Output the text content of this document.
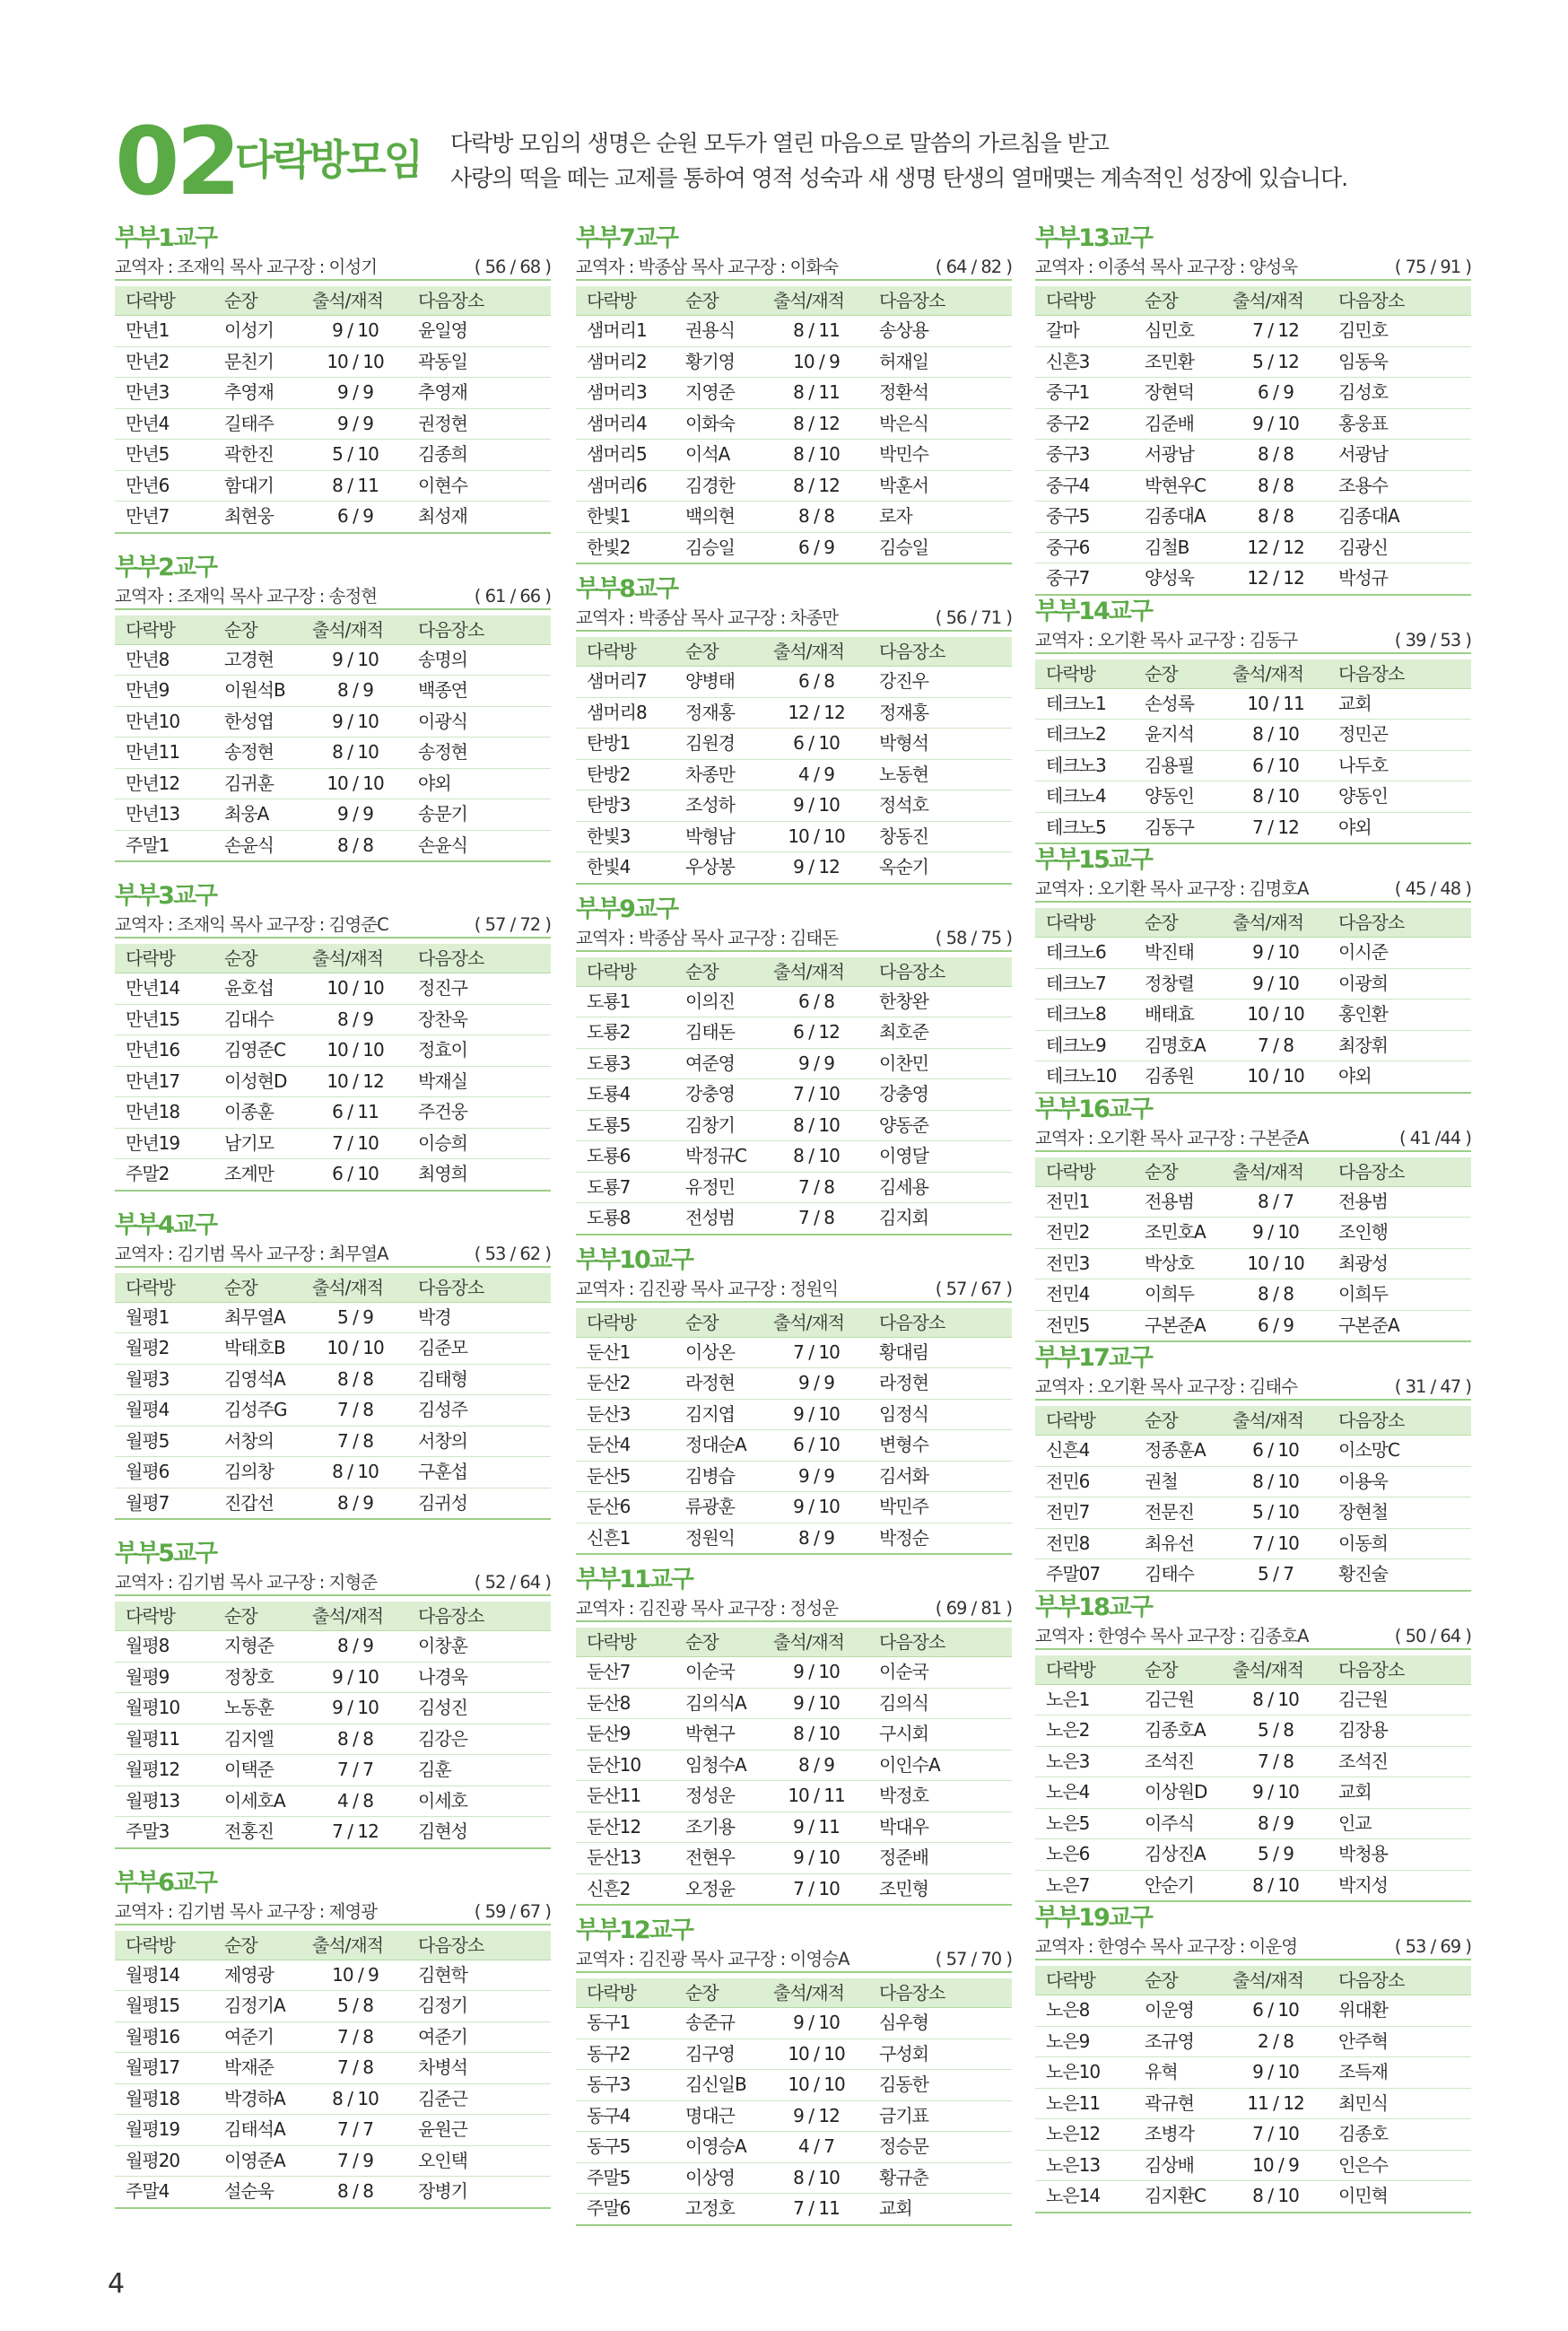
02
다락방모임 다락방 모임의 생명은 순원 모두가 열린 마음으로 말씀의 가르침을 받고
사랑의 떡을 떼는 교제를 통하여 영적 성숙과 새 생명 탄생의 열매맺는 계속적인 성장에 있습니다.
부부1교구
교역자 : 조재익 목사 교구장 : 이성기	( 56 / 68 )
다락방	순장	출석/재적	다음장소
만년1	이성기	9 / 10	윤일영
만년2	문친기	10 / 10	곽동일
만년3	추영재	9 / 9	추영재
만년4	길태주	9 / 9	권정현
만년5	곽한진	5 / 10	김종희
만년6	함대기	8 / 11	이현수
만년7	최현웅	6 / 9	최성재
부부2교구
교역자 : 조재익 목사 교구장 : 송정현	( 61 / 66 )
다락방	순장	출석/재적	다음장소
만년8	고경현	9 / 10	송명의
만년9	이원석B	8 / 9	백종연
만년10	한성엽	9 / 10	이광식
만년11	송정현	8 / 10	송정현
만년12	김귀훈	10 / 10	야외
만년13	최웅A	9 / 9	송문기
주말1	손윤식	8 / 8	손윤식
부부3교구
교역자 : 조재익 목사 교구장 : 김영준C	( 57 / 72 )
다락방	순장	출석/재적	다음장소
만년14	윤호섭	10 / 10	정진구
만년15	김대수	8 / 9	장찬욱
만년16	김영준C	10 / 10	정효이
만년17	이성현D	10 / 12	박재실
만년18	이종훈	6 / 11	주건웅
만년19	남기모	7 / 10	이승희
주말2	조계만	6 / 10	최영희
부부4교구
교역자 : 김기범 목사 교구장 : 최무열A	( 53 / 62 )
다락방	순장	출석/재적	다음장소
월평1	최무열A	5 / 9	박경
월평2	박태호B	10 / 10	김준모
월평3	김영석A	8 / 8	김태형
월평4	김성주G	7 / 8	김성주
월평5	서창의	7 / 8	서창의
월평6	김의창	8 / 10	구훈섭
월평7	진갑선	8 / 9	김귀성
부부5교구
교역자 : 김기범 목사 교구장 : 지형준	( 52 / 64 )
다락방	순장	출석/재적	다음장소
월평8	지형준	8 / 9	이창훈
월평9	정창호	9 / 10	나경욱
월평10	노동훈	9 / 10	김성진
월평11	김지엘	8 / 8	김강은
월평12	이택준	7 / 7	김훈
월평13	이세호A	4 / 8	이세호
주말3	전홍진	7 / 12	김현성
부부6교구
교역자 : 김기범 목사 교구장 : 제영광	( 59 / 67 )
다락방	순장	출석/재적	다음장소
월평14	제영광	10 / 9	김현학
월평15	김정기A	5 / 8	김정기
월평16	여준기	7 / 8	여준기
월평17	박재준	7 / 8	차병석
월평18	박경하A	8 / 10	김준근
월평19	김태석A	7 / 7	윤원근
월평20	이영준A	7 / 9	오인택
주말4	설순욱	8 / 8	장병기
부부7교구
교역자 : 박종삼 목사 교구장 : 이화숙	( 64 / 82 )
다락방	순장	출석/재적	다음장소
샘머리1	권용식	8 / 11	송상용
샘머리2	황기영	10 / 9	허재일
샘머리3	지영준	8 / 11	정환석
샘머리4	이화숙	8 / 12	박은식
샘머리5	이석A	8 / 10	박민수
샘머리6	김경한	8 / 12	박훈서
한빛1	백의현	8 / 8	로자
한빛2	김승일	6 / 9	김승일
부부8교구
교역자 : 박종삼 목사 교구장 : 차종만	( 56 / 71 )
다락방	순장	출석/재적	다음장소
샘머리7	양병태	6 / 8	강진우
샘머리8	정재홍	12 / 12	정재홍
탄방1	김원경	6 / 10	박형석
탄방2	차종만	4 / 9	노동현
탄방3	조성하	9 / 10	정석호
한빛3	박형남	10 / 10	창동진
한빛4	우상봉	9 / 12	옥순기
부부9교구
교역자 : 박종삼 목사 교구장 : 김태돈	( 58 / 75 )
다락방	순장	출석/재적	다음장소
도룡1	이의진	6 / 8	한창완
도룡2	김태돈	6 / 12	최호준
도룡3	여준영	9 / 9	이찬민
도룡4	강충영	7 / 10	강충영
도룡5	김창기	8 / 10	양동준
도룡6	박정규C	8 / 10	이영달
도룡7	유정민	7 / 8	김세용
도룡8	전성범	7 / 8	김지회
부부10교구
교역자 : 김진광 목사 교구장 : 정원익	( 57 / 67 )
다락방	순장	출석/재적	다음장소
둔산1	이상온	7 / 10	황대림
둔산2	라정현	9 / 9	라정현
둔산3	김지엽	9 / 10	임정식
둔산4	정대순A	6 / 10	변형수
둔산5	김병습	9 / 9	김서화
둔산6	류광훈	9 / 10	박민주
신흔1	정원익	8 / 9	박정순
부부11교구
교역자 : 김진광 목사 교구장 : 정성운	( 69 / 81 )
다락방	순장	출석/재적	다음장소
둔산7	이순국	9 / 10	이순국
둔산8	김의식A	9 / 10	김의식
둔산9	박현구	8 / 10	구시회
둔산10	임청수A	8 / 9	이인수A
둔산11	정성운	10 / 11	박정호
둔산12	조기용	9 / 11	박대우
둔산13	전현우	9 / 10	정준배
신흔2	오정윤	7 / 10	조민형
부부12교구
교역자 : 김진광 목사 교구장 : 이영승A	( 57 / 70 )
다락방	순장	출석/재적	다음장소
동구1	송준규	9 / 10	심우형
동구2	김구영	10 / 10	구성회
동구3	김신일B	10 / 10	김동한
동구4	명대근	9 / 12	금기표
동구5	이영승A	4 / 7	정승문
주말5	이상영	8 / 10	황규춘
주말6	고정호	7 / 11	교회
부부13교구
교역자 : 이종석 목사 교구장 : 양성욱	( 75 / 91 )
다락방	순장	출석/재적	다음장소
갈마	심민호	7 / 12	김민호
신흔3	조민환	5 / 12	임동욱
중구1	장현덕	6 / 9	김성호
중구2	김준배	9 / 10	홍웅표
중구3	서광남	8 / 8	서광남
중구4	박현우C	8 / 8	조용수
중구5	김종대A	8 / 8	김종대A
중구6	김철B	12 / 12	김광신
중구7	양성욱	12 / 12	박성규
부부14교구
교역자 : 오기환 목사 교구장 : 김동구	( 39 / 53 )
다락방	순장	출석/재적	다음장소
테크노1	손성록	10 / 11	교회
테크노2	윤지석	8 / 10	정민곤
테크노3	김용필	6 / 10	나두호
테크노4	양동인	8 / 10	양동인
테크노5	김동구	7 / 12	야외
부부15교구
교역자 : 오기환 목사 교구장 : 김명호A	( 45 / 48 )
다락방	순장	출석/재적	다음장소
테크노6	박진태	9 / 10	이시준
테크노7	정창렬	9 / 10	이광희
테크노8	배태효	10 / 10	홍인환
테크노9	김명호A	7 / 8	최장휘
테크노10	김종원	10 / 10	야외
부부16교구
교역자 : 오기환 목사 교구장 : 구본준A	( 41 /44 )
다락방	순장	출석/재적	다음장소
전민1	전용범	8 / 7	전용범
전민2	조민호A	9 / 10	조인행
전민3	박상호	10 / 10	최광성
전민4	이희두	8 / 8	이희두
전민5	구본준A	6 / 9	구본준A
부부17교구
교역자 : 오기환 목사 교구장 : 김태수	( 31 / 47 )
다락방	순장	출석/재적	다음장소
신흔4	정종훈A	6 / 10	이소망C
전민6	권철	8 / 10	이용욱
전민7	전문진	5 / 10	장현철
전민8	최유선	7 / 10	이동희
주말07	김태수	5 / 7	황진술
부부18교구
교역자 : 한영수 목사 교구장 : 김종호A	( 50 / 64 )
다락방	순장	출석/재적	다음장소
노은1	김근원	8 / 10	김근원
노은2	김종호A	5 / 8	김장용
노은3	조석진	7 / 8	조석진
노은4	이상원D	9 / 10	교회
노은5	이주식	8 / 9	인교
노은6	김상진A	5 / 9	박청용
노은7	안순기	8 / 10	박지성
부부19교구
교역자 : 한영수 목사 교구장 : 이운영	( 53 / 69 )
다락방	순장	출석/재적	다음장소
노은8	이운영	6 / 10	위대환
노은9	조규영	2 / 8	안주혁
노은10	유혁	9 / 10	조득재
노은11	곽규현	11 / 12	최민식
노은12	조병각	7 / 10	김종호
노은13	김상배	10 / 9	인은수
노은14	김지환C	8 / 10	이민혁
4
